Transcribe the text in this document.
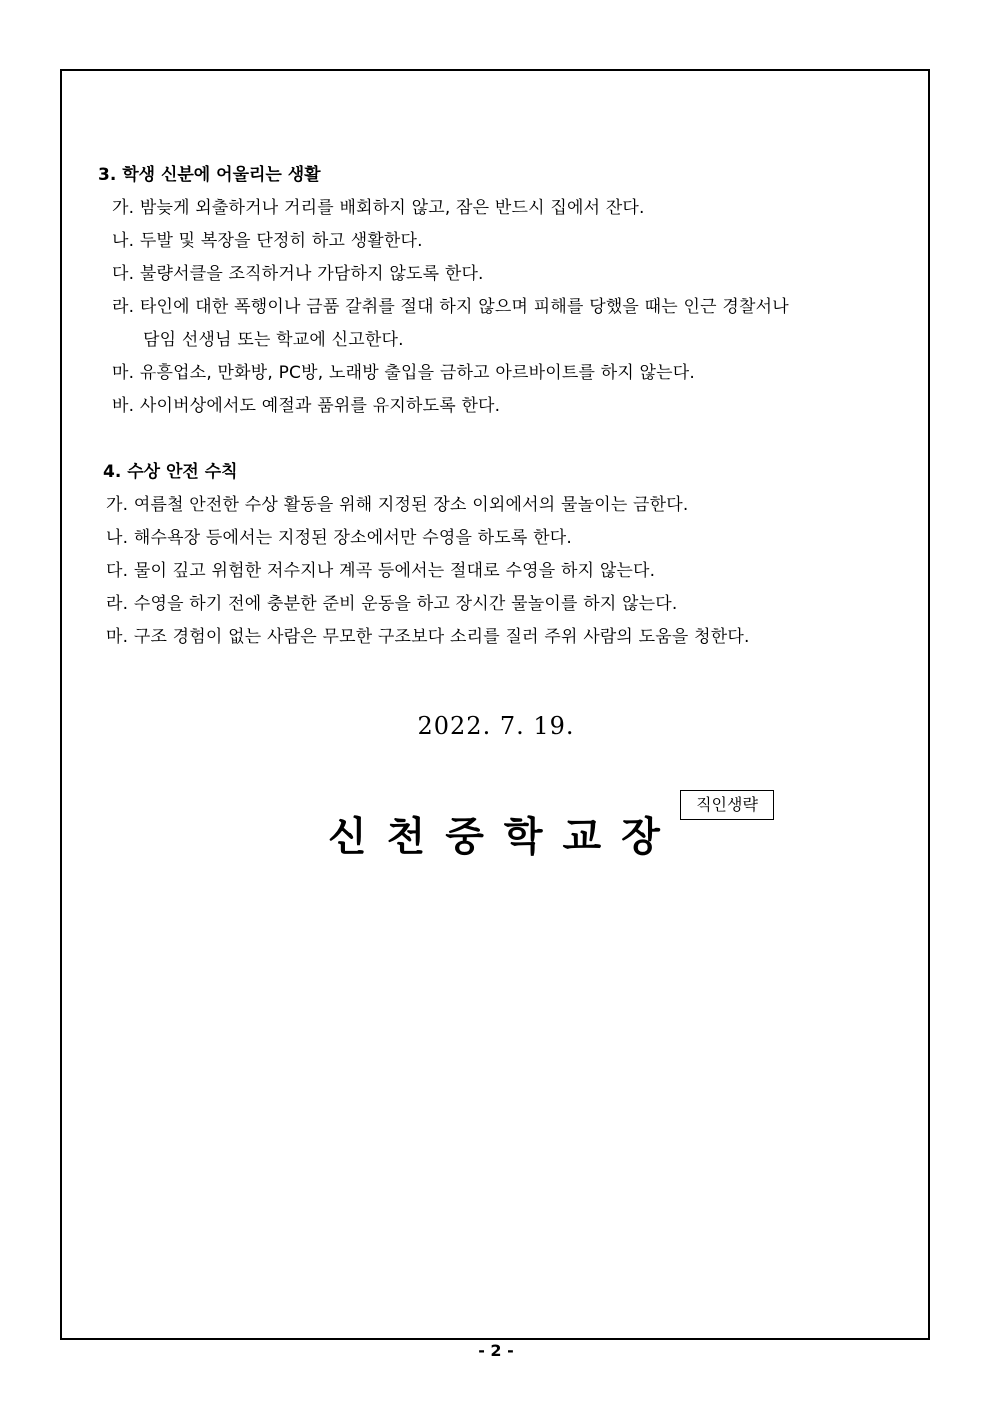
3. 학생 신분에 어울리는 생활
가. 밤늦게 외출하거나 거리를 배회하지 않고, 잠은 반드시 집에서 잔다.
나. 두발 및 복장을 단정히 하고 생활한다.
다. 불량서클을 조직하거나 가담하지 않도록 한다.
라. 타인에 대한 폭행이나 금품 갈취를 절대 하지 않으며 피해를 당했을 때는 인근 경찰서나
담임 선생님 또는 학교에 신고한다.
마. 유흥업소, 만화방, PC방, 노래방 출입을 금하고 아르바이트를 하지 않는다.
바. 사이버상에서도 예절과 품위를 유지하도록 한다.
4. 수상 안전 수칙
가. 여름철 안전한 수상 활동을 위해 지정된 장소 이외에서의 물놀이는 금한다.
나. 해수욕장 등에서는 지정된 장소에서만 수영을 하도록 한다.
다. 물이 깊고 위험한 저수지나 계곡 등에서는 절대로 수영을 하지 않는다.
라. 수영을 하기 전에 충분한 준비 운동을 하고 장시간 물놀이를 하지 않는다.
마. 구조 경험이 없는 사람은 무모한 구조보다 소리를 질러 주위 사람의 도움을 청한다.
2022. 7. 19.
신천중학교장
직인생략
- 2 -
